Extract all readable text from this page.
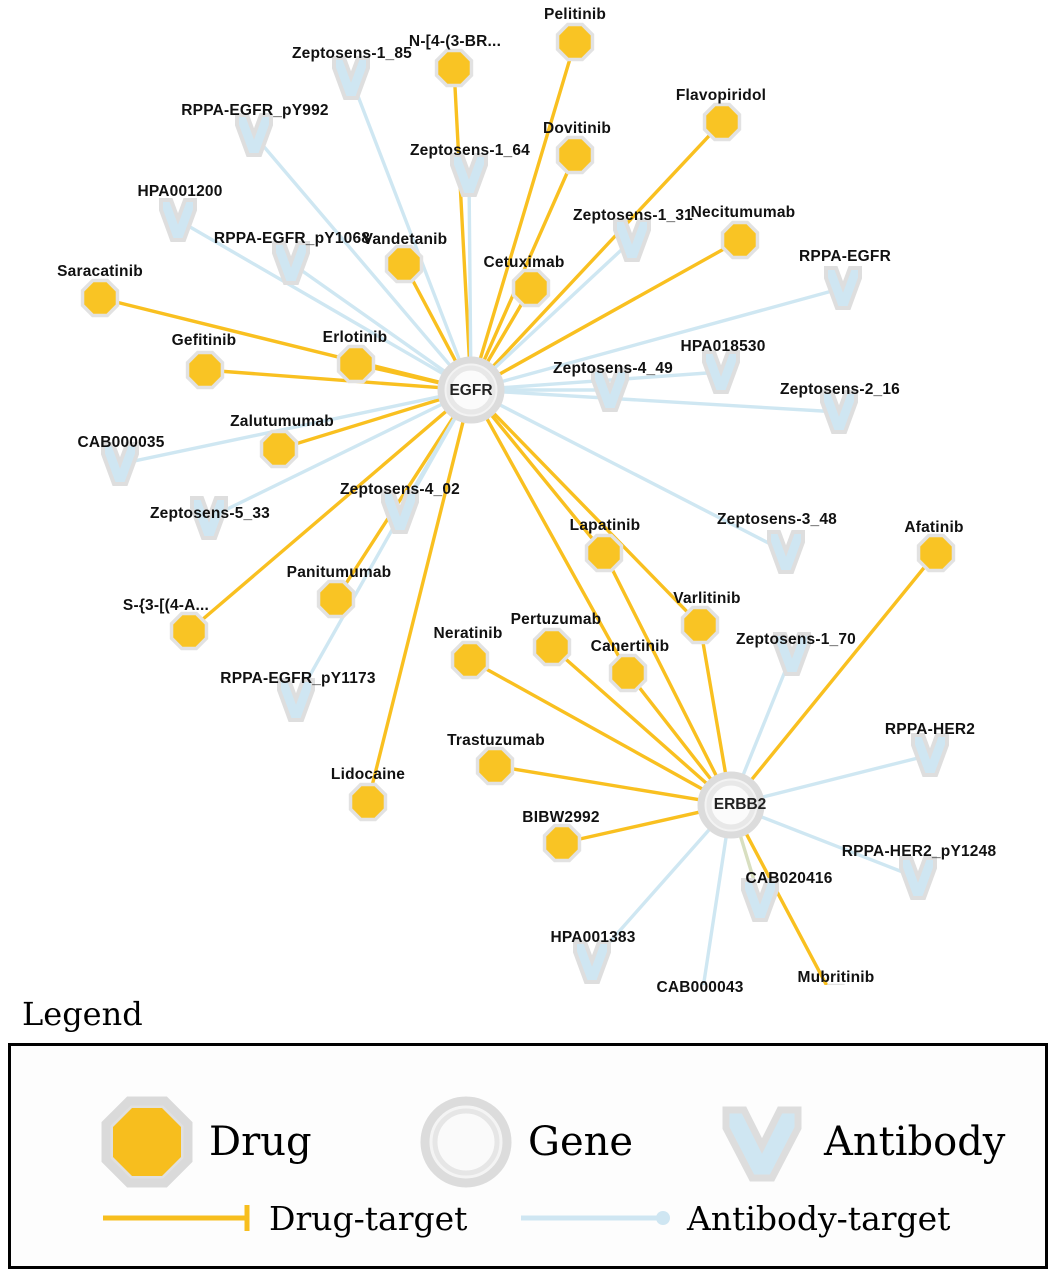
Zeptosens-1_85
Zeptosens-1_64
RPPA-EGFR_pY992
HPA001200
RPPA-EGFR_pY1068
Zeptosens-1_31
RPPA-EGFR
HPA018530
Zeptosens-4_49
Zeptosens-2_16
CAB000035
Zeptosens-5_33
Zeptosens-4_02
Zeptosens-3_48
RPPA-EGFR_pY1173
Zeptosens-1_70
RPPA-HER2
RPPA-HER2_pY1248
CAB020416
HPA001383
CAB000043
Pelitinib
N-[4-(3-BR...
Dovitinib
Flavopiridol
Necitumumab
Cetuximab
Vandetanib
Erlotinib
Gefitinib
Saracatinib
Zalutumumab
Panitumumab
S-{3-[(4-A...
Lidocaine
Afatinib
Lapatinib
Varlitinib
Pertuzumab
Canertinib
Neratinib
Trastuzumab
BIBW2992
Mubritinib
EGFR
ERBB2
Legend
Drug	Gene	Antibody
Drug-target	Antibody-target
